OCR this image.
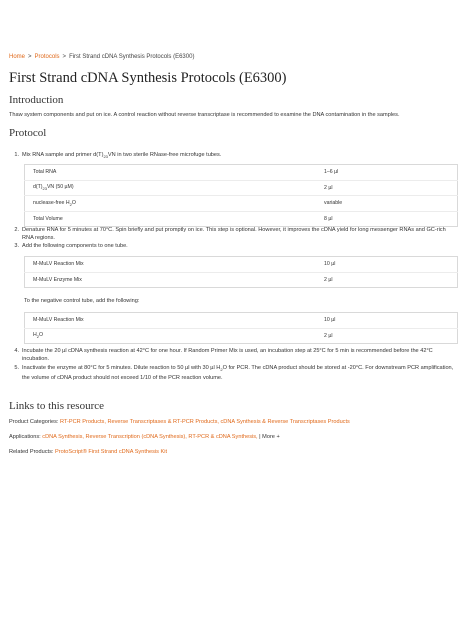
Home > Protocols > First Strand cDNA Synthesis Protocols (E6300)
First Strand cDNA Synthesis Protocols (E6300)
Introduction
Thaw system components and put on ice. A control reaction without reverse transcriptase is recommended to examine the DNA contamination in the samples.
Protocol
1. Mix RNA sample and primer $d(T)_{23}VN$ in two sterile RNase-free microfuge tubes.
Total RNA	1–6 µl
$d(T)_{23}VN$ (50 µM)	2 µl
nuclease-free $H_2O$	variable
Total Volume	8 µl
2. Denature RNA for 5 minutes at 70°C. Spin briefly and put promptly on ice. This step is optional. However, it improves the cDNA yield for long messenger RNAs and GC-rich RNA regions.
3. Add the following components to one tube.
M-MuLV Reaction Mix	10 µl
M-MuLV Enzyme Mix	2 µl
To the negative control tube, add the following:
M-MuLV Reaction Mix	10 µl
$H_2O$	2 µl
4. Incubate the 20 µl cDNA synthesis reaction at 42°C for one hour. If Random Primer Mix is used, an incubation step at 25°C for 5 min is recommended before the 42°C incubation.
5. Inactivate the enzyme at 80°C for 5 minutes. Dilute reaction to 50 µl with 30 µl $H_2O$ for PCR. The cDNA product should be stored at -20°C. For downstream PCR amplification, the volume of cDNA product should not exceed 1/10 of the PCR reaction volume.
Links to this resource
Product Categories: RT-PCR Products, Reverse Transcriptases & RT-PCR Products, cDNA Synthesis & Reverse Transcriptases Products
Applications: cDNA Synthesis, Reverse Transcription (cDNA Synthesis), RT-PCR & cDNA Synthesis, | More +
Related Products: ProtoScript® First Strand cDNA Synthesis Kit
